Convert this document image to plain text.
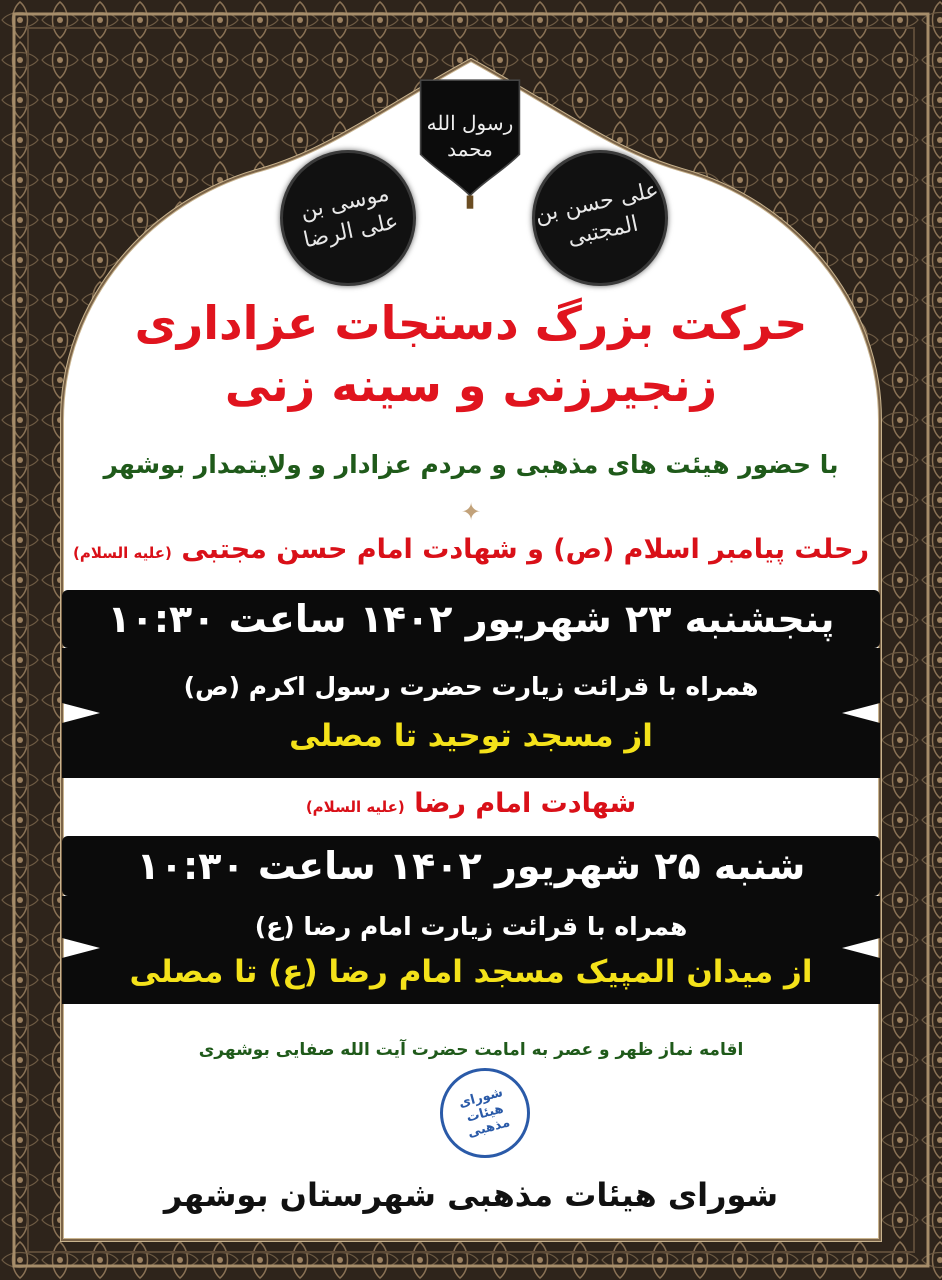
رسول الله محمد
موسی بن علی الرضا
علی حسن بن المجتبی
حرکت بزرگ دستجات عزاداری
زنجیرزنی و سینه زنی
با حضور هیئت های مذهبی و مردم عزادار و ولایتمدار بوشهر
✦
رحلت پیامبر اسلام (ص) و شهادت امام حسن مجتبی (علیه السلام)
پنجشنبه ۲۳ شهریور ۱۴۰۲ ساعت ۱۰:۳۰
همراه با قرائت زیارت حضرت رسول اکرم (ص)
از مسجد توحید تا مصلی
شهادت امام رضا (علیه السلام)
شنبه ۲۵ شهریور ۱۴۰۲ ساعت ۱۰:۳۰
همراه با قرائت زیارت امام رضا (ع)
از میدان المپیک مسجد امام رضا (ع) تا مصلی
اقامه نماز ظهر و عصر به امامت حضرت آیت الله صفایی بوشهری
شورای هیئات مذهبی
شورای هیئات مذهبی شهرستان بوشهر
